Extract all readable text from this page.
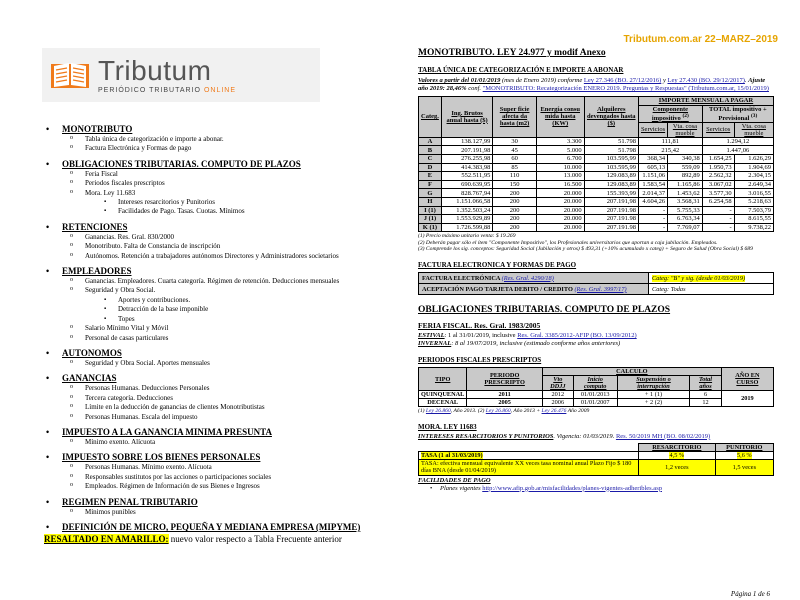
Tributum.com.ar 22–MARZ–2019
Tributum
PERIÓDICO TRIBUTARIO ONLINE
• MONOTRIBUTO
o Tabla única de categorización e importe a abonar.
o Factura Electrónica y Formas de pago
• OBLIGACIONES TRIBUTARIAS. COMPUTO DE PLAZOS
o Feria Fiscal
o Periodos fiscales prescriptos
o Mora. Ley 11.683
▪ Intereses resarcitorios y Punitorios
▪ Facilidades de Pago. Tasas. Cuotas. Mínimos
• RETENCIONES
o Ganancias. Res. Gral. 830/2000
o Monotributo. Falta de Constancia de inscripción
o Autónomos. Retención a trabajadores autónomos Directores y Administradores societarios
• EMPLEADORES
o Ganancias. Empleadores. Cuarta categoría. Régimen de retención. Deducciones mensuales
o Seguridad y Obra Social.
▪ Aportes y contribuciones.
▪ Detracción de la base imponible
▪ Topes
o Salario Mínimo Vital y Móvil
o Personal de casas particulares
• AUTONOMOS
o Seguridad y Obra Social. Aportes mensuales
• GANANCIAS
o Personas Humanas. Deducciones Personales
o Tercera categoría. Deducciones
o Límite en la deducción de ganancias de clientes Monotributistas
o Personas Humanas. Escala del impuesto
• IMPUESTO A LA GANANCIA MINIMA PRESUNTA
o Mínimo exento. Alícuota
• IMPUESTO SOBRE LOS BIENES PERSONALES
o Personas Humanas. Mínimo exento. Alícuota
o Responsables sustitutos por las acciones o participaciones sociales
o Empleados. Régimen de Información de sus Bienes e Ingresos
• REGIMEN PENAL TRIBUTARIO
o Mínimos punibles
• DEFINICIÓN DE MICRO, PEQUEÑA Y MEDIANA EMPRESA (MIPYME)
RESALTADO EN AMARILLO: nuevo valor respecto a Tabla Frecuente anterior
MONOTRIBUTO. LEY 24.977 y modif Anexo
TABLA ÚNICA DE CATEGORIZACIÓN E IMPORTE A ABONAR
Valores a partir del 01/01/2019 (mes de Enero 2019) conforme Ley 27.346 (BO. 27/12/2016) y Ley 27.430 (BO. 29/12/2017). Ajuste año 2019: 28,46% conf. "MONOTRIBUTO: Recategorización ENERO 2019. Preguntas y Respuestas" (Tributum.com.ar, 15/01/2019)
Categ.	Ing. Brutos anual hasta ($)	Super ficie afecta da hasta (m2)	Energía consu mida hasta (KW)	Alquileres devengados hasta ($)	IMPORTE MENSUAL A PAGAR			
					Componente impositivo $^{(2)}$		TOTAL impositivo + Previsional $^{(3)}$
					Servicios	Vta. cosa mueble	Servicios	Vta. cosa mueble
A	138.127,99	30	3.300	51.798	111,81		1.294,12	
B	207.191,98	45	5.000	51.798	215,42		1.447,06	
C	276.255,98	60	6.700	103.595,99	368,34	340,38	1.654,25	1.626,29
D	414.383,98	85	10.000	103.595,99	605,13	559,09	1.950,73	1.904,69
E	552.511,95	110	13.000	129.083,89	1.151,06	892,89	2.562,32	2.304,15
F	690.639,95	150	16.500	129.083,89	1.583,54	1.165,86	3.067,02	2.649,34
G	828.767,94	200	20.000	155.393,99	2.014,37	1.453,62	3.577,30	3.016,55
H	1.151.066,58	200	20.000	207.191,98	4.604,26	3.568,31	6.254,58	5.218,63
I (1)	1.352.503,24	200	20.000	207.191.98	-	5.755,33	-	7.503,79
J (1)	1.553.929,89	200	20.000	207.191.98	-	6.763,34	-	8.615,55
K (1)	1.726.599,88	200	20.000	207.191.98	-	7.769,07	-	9.738,22
(1) Precio máximo unitario venta: $ 19.269
(2) Deberán pagar sólo el ítem "Componente Impositivo", los Profesionales universitarios que aportan a caja jubilación. Empleados.
(3) Comprende los sig. conceptos: Seguridad Social (Jubilación y otros) $ 493,31 (+10% acumulado x categ) + Seguro de Salud (Obra Social) $ 689
FACTURA ELECTRONICA Y FORMAS DE PAGO
FACTURA ELECTRÓNICA (Res. Gral. 4290/18)	Categ: "B" y sig. (desde 01/03/2019)
ACEPTACIÓN PAGO TARJETA DEBITO / CREDITO (Res. Gral. 3997/17)	Categ: Todas
OBLIGACIONES TRIBUTARIAS. COMPUTO DE PLAZOS
FERIA FISCAL. Res. Gral. 1983/2005
ESTIVAL: 1 al 31/01/2019, inclusive Res. Gral. 3385/2012-AFIP (BO. 13/09/2012)
INVERNAL: 8 al 19/07/2019, inclusive (estimado conforme años anteriores)
PERIODOS FISCALES PRESCRIPTOS
TIPO	PERIODO PRESCRIPTO	CALCULO				AÑO EN CURSO
		Vto DDJJ	Inicio computo	Suspensión o interrupción	Total años	
QUINQUENAL	2011	2012	01/01/2013	+ 1 (1)	6	2019
DECENAL	2005	2006	01/01/2007	+ 2 (2)	12	
(1) Ley 26.860, Año 2013. (2) Ley 26.860, Año 2013 + Ley 26.476 Año 2009
MORA. LEY 11683
INTERESES RESARCITORIOS Y PUNITORIOS. Vigencia: 01/03/2019. Res. 50/2019 MH (BO. 08/02/2019)
	RESARCITORIO	PUNITORIO
TASA (1 al 31/03/2019)	4,5 %	5,6 %
TASA: efectiva mensual equivalente XX veces tasa nominal anual Plazo Fijo $ 180 días BNA (desde 01/04/2019)	1,2 veces	1,5 veces
FACILIDADES DE PAGO
• Planes vigentes http://www.afip.gob.ar/misfacilidades/planes-vigentes-adheribles.asp
Página 1 de 6
